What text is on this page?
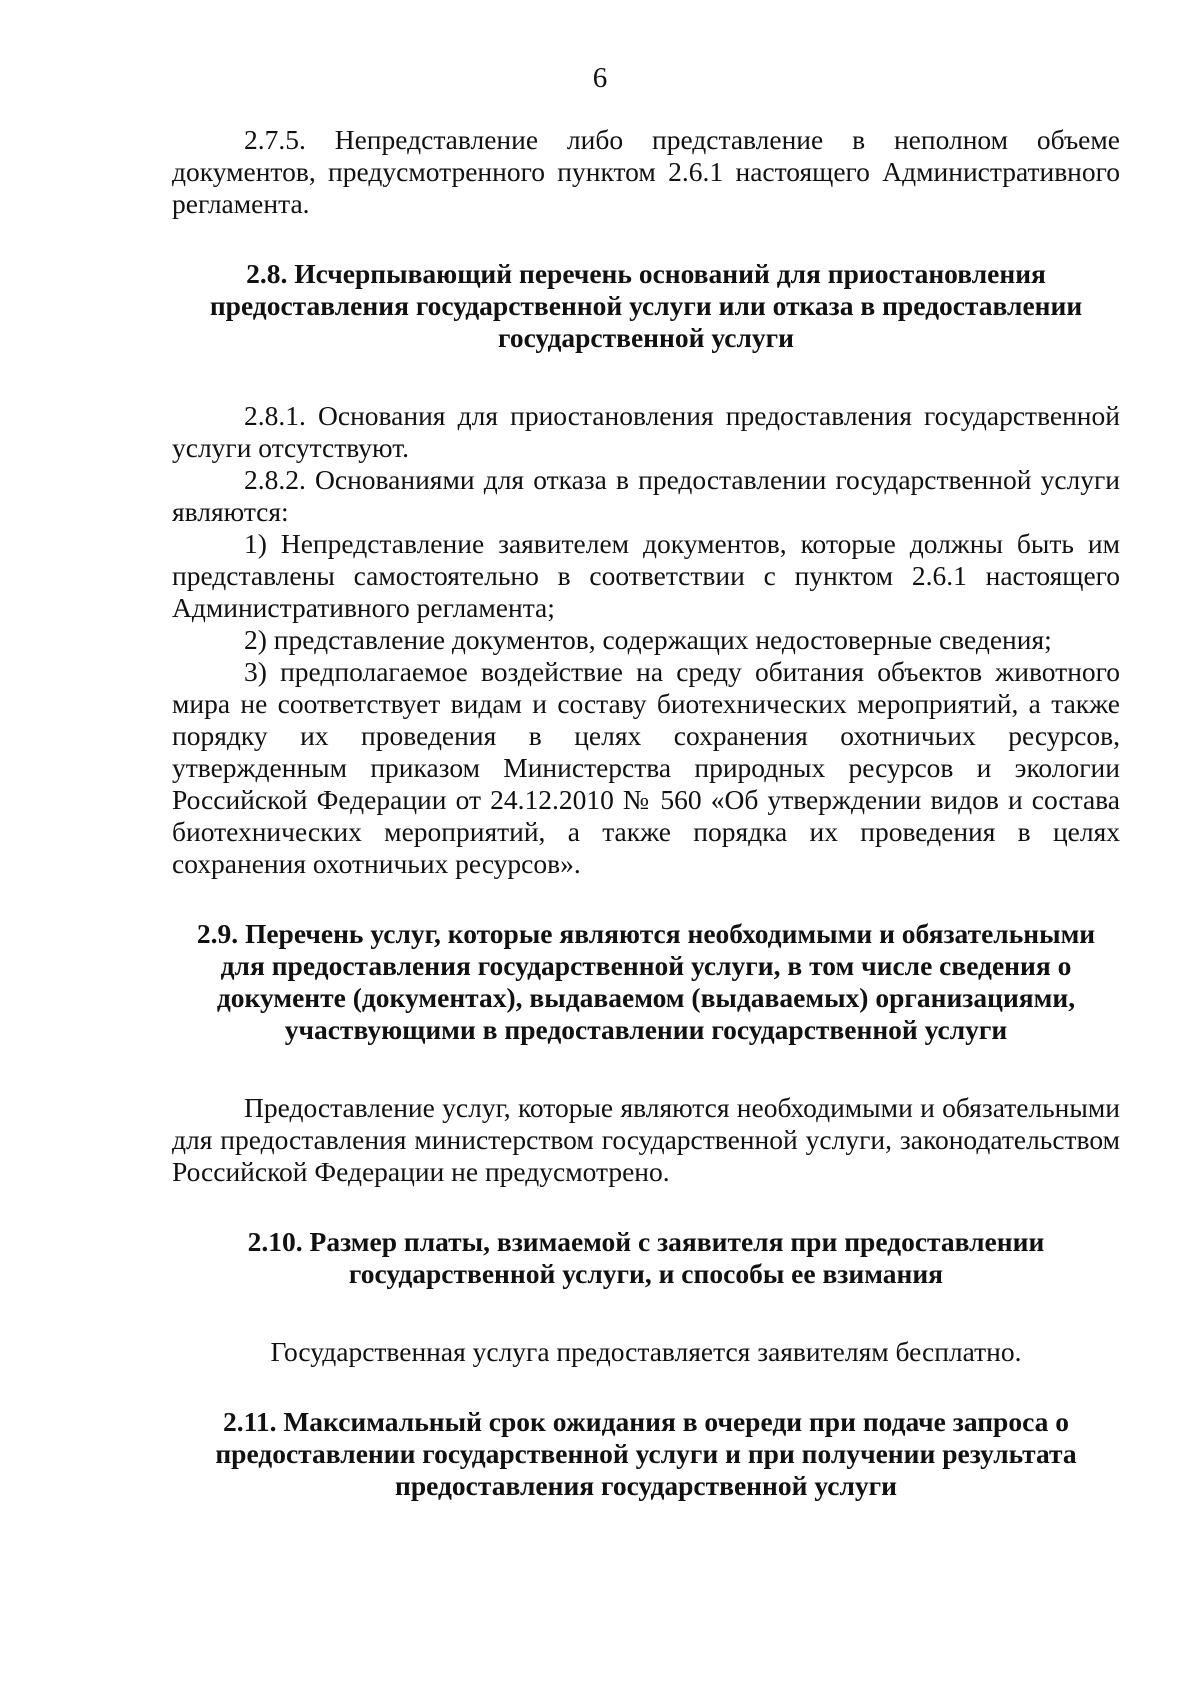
6

2.7.5. Непредставление либо представление в неполном объеме документов, предусмотренного пунктом 2.6.1 настоящего Административного регламента.

2.8. Исчерпывающий перечень оснований для приостановления предоставления государственной услуги или отказа в предоставлении государственной услуги

2.8.1. Основания для приостановления предоставления государственной услуги отсутствуют.

2.8.2. Основаниями для отказа в предоставлении государственной услуги являются:

1) Непредставление заявителем документов, которые должны быть им представлены самостоятельно в соответствии с пунктом 2.6.1 настоящего Административного регламента;

2) представление документов, содержащих недостоверные сведения;

3) предполагаемое воздействие на среду обитания объектов животного мира не соответствует видам и составу биотехнических мероприятий, а также порядку их проведения в целях сохранения охотничьих ресурсов, утвержденным приказом Министерства природных ресурсов и экологии Российской Федерации от 24.12.2010 № 560 «Об утверждении видов и состава биотехнических мероприятий, а также порядка их проведения в целях сохранения охотничьих ресурсов».

2.9. Перечень услуг, которые являются необходимыми и обязательными для предоставления государственной услуги, в том числе сведения о документе (документах), выдаваемом (выдаваемых) организациями, участвующими в предоставлении государственной услуги

Предоставление услуг, которые являются необходимыми и обязательными для предоставления министерством государственной услуги, законодательством Российской Федерации не предусмотрено.

2.10. Размер платы, взимаемой с заявителя при предоставлении государственной услуги, и способы ее взимания

Государственная услуга предоставляется заявителям бесплатно.

2.11. Максимальный срок ожидания в очереди при подаче запроса о предоставлении государственной услуги и при получении результата предоставления государственной услуги
